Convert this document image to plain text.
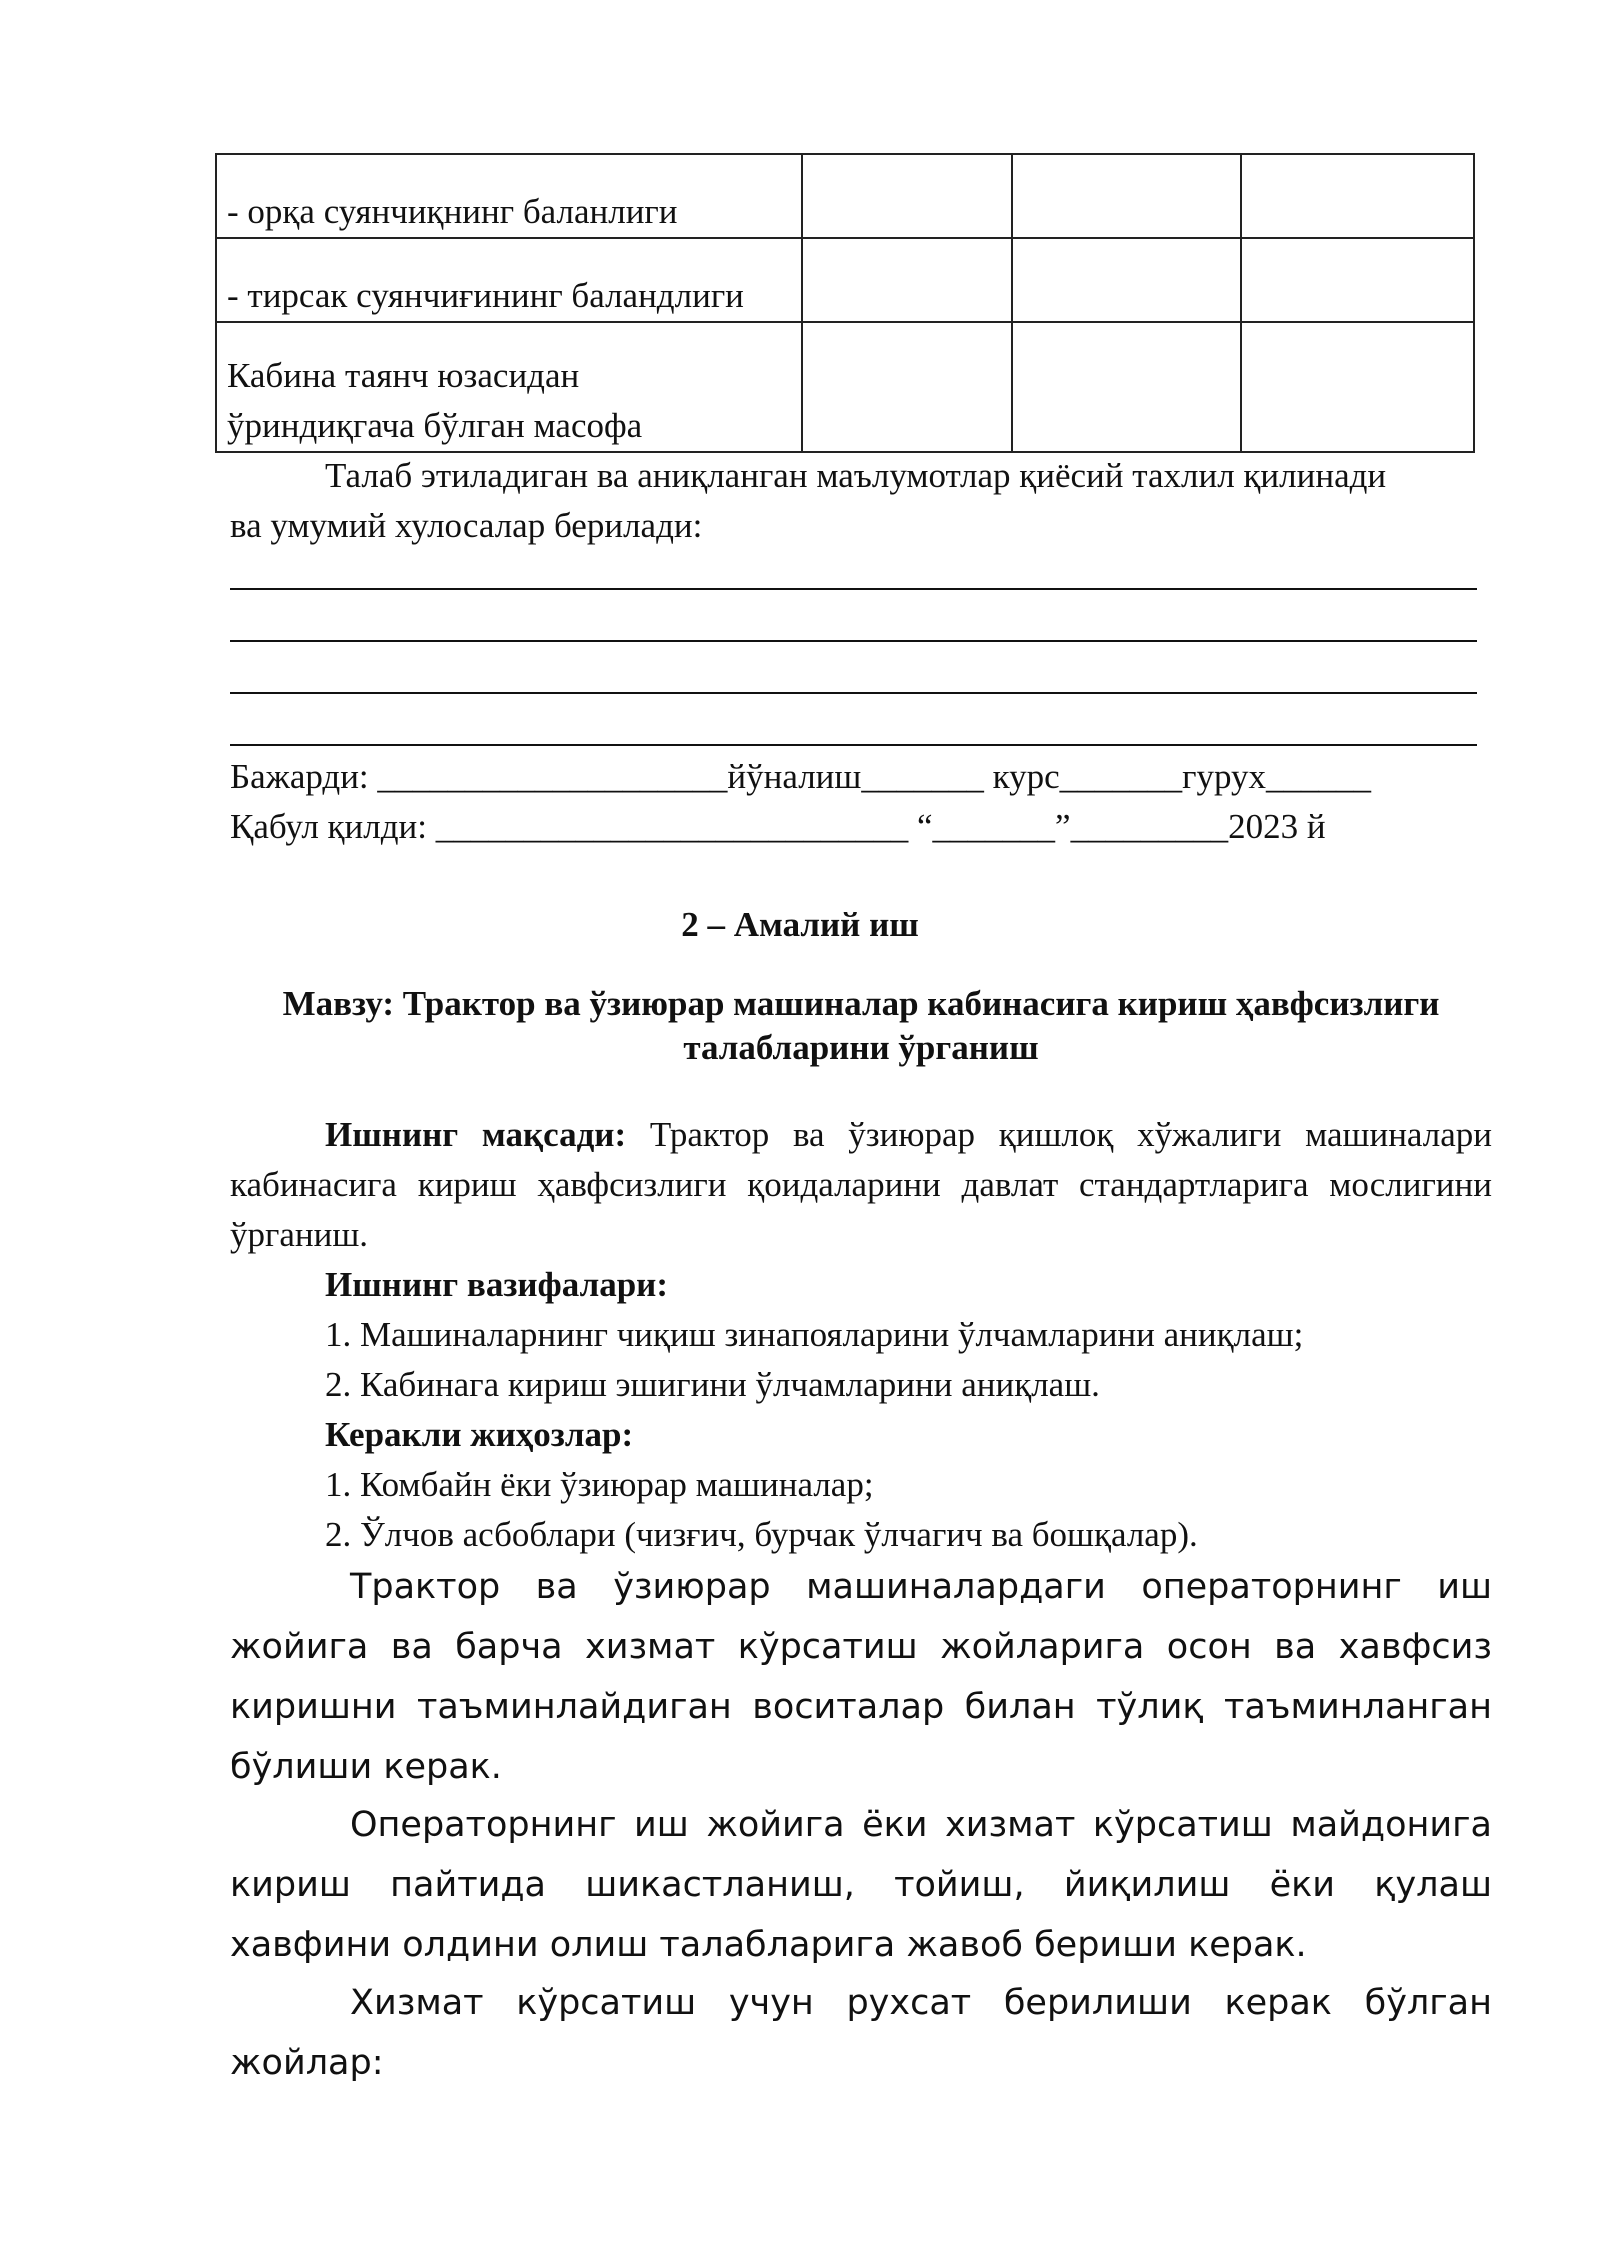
- орқа суянчиқнинг баланлиги			
- тирсак суянчиғининг баландлиги			
Кабина таянч юзасидан
ўриндиқгача бўлган масофа			
Талаб этиладиган ва аниқланган маълумотлар қиёсий тахлил қилинади
ва умумий хулосалар берилади:
Бажарди: ____________________йўналиш_______ курс_______гурух______
Қабул қилди: ___________________________ “_______”_________2023 й
2 – Амалий иш
Мавзу: Трактор ва ўзиюрар машиналар кабинасига кириш ҳавфсизлиги
талабларини ўрганиш
Ишнинг мақсади: Трактор ва ўзиюрар қишлоқ хўжалиги машиналари кабинасига кириш ҳавфсизлиги қоидаларини давлат стандартларига мослигини ўрганиш.
Ишнинг вазифалари:
1. Машиналарнинг чиқиш зинапояларини ўлчамларини аниқлаш;
2. Кабинага кириш эшигини ўлчамларини аниқлаш.
Керакли жиҳозлар:
1. Комбайн ёки ўзиюрар машиналар;
2. Ўлчов асбоблари (чизғич, бурчак ўлчагич ва бошқалар).
Трактор ва ўзиюрар машиналардаги операторнинг иш жойига ва барча хизмат кўрсатиш жойларига осон ва хавфсиз киришни таъминлайдиган воситалар билан тўлиқ таъминланган бўлиши керак.
Операторнинг иш жойига ёки хизмат кўрсатиш майдонига кириш пайтида шикастланиш, тойиш, йиқилиш ёки қулаш хавфини олдини олиш талабларига жавоб бериши керак.
Хизмат кўрсатиш учун рухсат берилиши керак бўлган жойлар:
